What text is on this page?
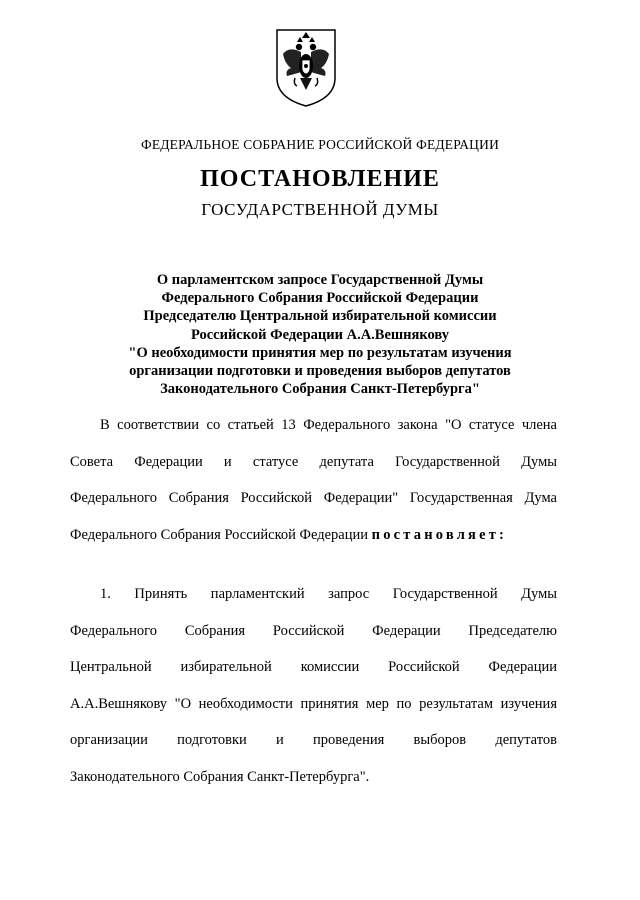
ФЕДЕРАЛЬНОЕ СОБРАНИЕ РОССИЙСКОЙ ФЕДЕРАЦИИ
ПОСТАНОВЛЕНИЕ
ГОСУДАРСТВЕННОЙ ДУМЫ
О парламентском запросе Государственной Думы
Федерального Собрания Российской Федерации
Председателю Центральной избирательной комиссии
Российской Федерации А.А.Вешнякову
"О необходимости принятия мер по результатам изучения
организации подготовки и проведения выборов депутатов
Законодательного Собрания Санкт-Петербурга"
В соответствии со статьей 13 Федерального закона "О статусе члена
Совета Федерации и статусе депутата Государственной Думы
Федерального Собрания Российской Федерации" Государственная Дума
Федерального Собрания Российской Федерации постановляет:
1. Принять парламентский запрос Государственной Думы
Федерального Собрания Российской Федерации Председателю
Центральной избирательной комиссии Российской Федерации
А.А.Вешнякову "О необходимости принятия мер по результатам изучения
организации подготовки и проведения выборов депутатов
Законодательного Собрания Санкт-Петербурга".
